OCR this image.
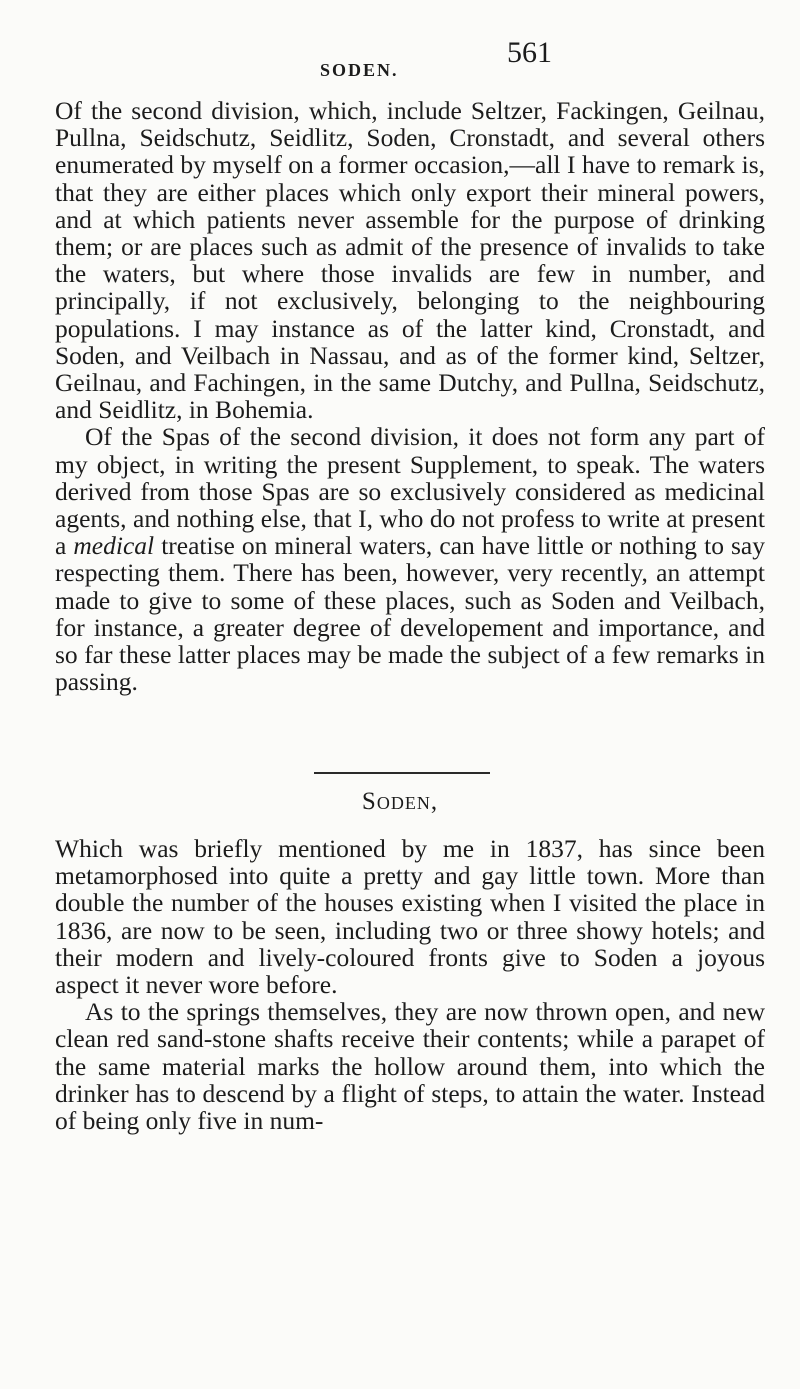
SODEN.
561

Of the second division, which, include Seltzer, Fackingen, Geilnau, Pullna, Seidschutz, Seidlitz, Soden, Cronstadt, and several others enumerated by myself on a former occasion,—all I have to remark is, that they are either places which only export their mineral powers, and at which patients never assemble for the purpose of drinking them; or are places such as admit of the presence of invalids to take the waters, but where those invalids are few in number, and principally, if not exclusively, belonging to the neighbouring populations. I may instance as of the latter kind, Cronstadt, and Soden, and Veilbach in Nassau, and as of the former kind, Seltzer, Geilnau, and Fachingen, in the same Dutchy, and Pullna, Seidschutz, and Seidlitz, in Bohemia.

Of the Spas of the second division, it does not form any part of my object, in writing the present Supplement, to speak. The waters derived from those Spas are so exclusively considered as medicinal agents, and nothing else, that I, who do not profess to write at present a medical treatise on mineral waters, can have little or nothing to say respecting them. There has been, however, very recently, an attempt made to give to some of these places, such as Soden and Veilbach, for instance, a greater degree of developement and importance, and so far these latter places may be made the subject of a few remarks in passing.

Soden,

Which was briefly mentioned by me in 1837, has since been metamorphosed into quite a pretty and gay little town. More than double the number of the houses existing when I visited the place in 1836, are now to be seen, including two or three showy hotels; and their modern and lively-coloured fronts give to Soden a joyous aspect it never wore before.

As to the springs themselves, they are now thrown open, and new clean red sand-stone shafts receive their contents; while a parapet of the same material marks the hollow around them, into which the drinker has to descend by a flight of steps, to attain the water. Instead of being only five in num-
